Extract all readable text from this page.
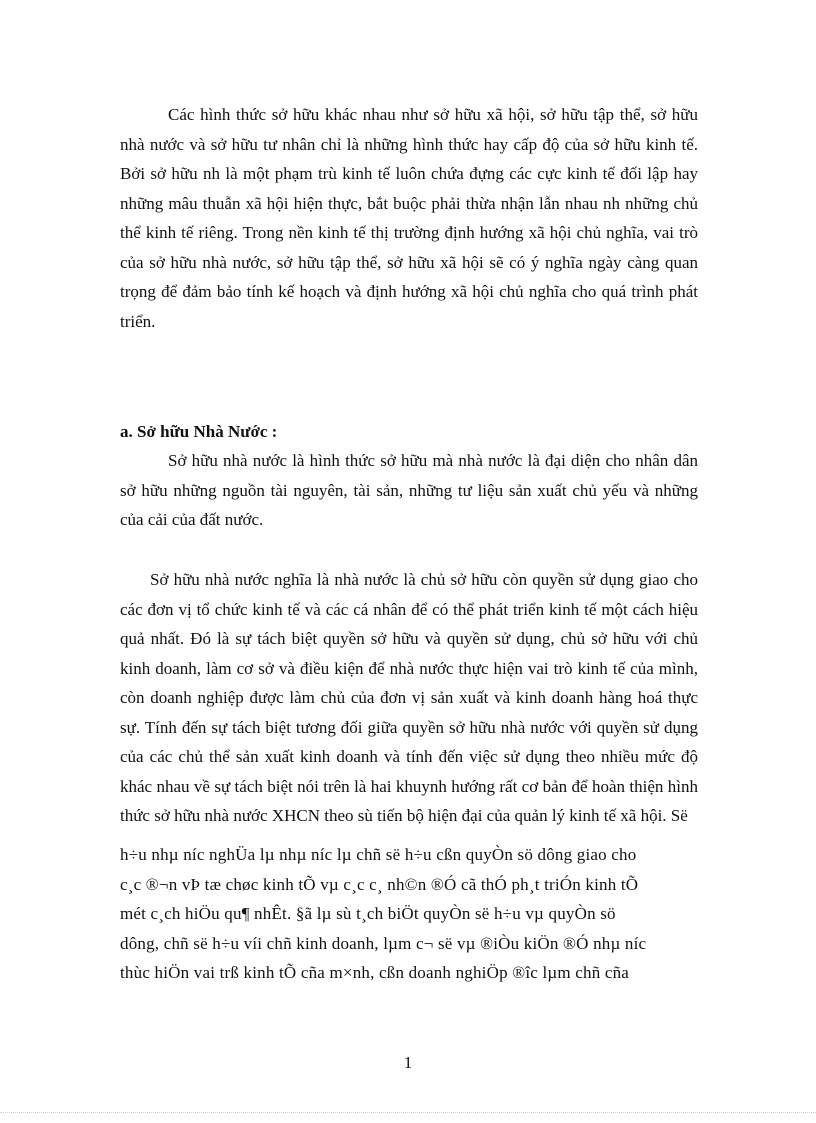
Các hình thức sở hữu khác nhau như sở hữu xã hội, sở hữu tập thể, sở hữu nhà nước và sở hữu tư nhân chỉ là những hình thức hay cấp độ của sở hữu kinh tế. Bởi sở hữu nh là một phạm trù kinh tế luôn chứa đựng các cực kinh tế đối lập hay những mâu thuẫn xã hội hiện thực, bắt buộc phải thừa nhận lẫn nhau nh những chủ thể kinh tế riêng. Trong nền kinh tế thị trường định hướng xã hội chủ nghĩa, vai trò của sở hữu nhà nước, sở hữu tập thể, sở hữu xã hội sẽ có ý nghĩa ngày càng quan trọng để đảm bảo tính kế hoạch và định hướng xã hội chủ nghĩa cho quá trình phát triển.
a. Sở hữu Nhà Nước :
Sở hữu nhà nước là hình thức sở hữu mà nhà nước là đại diện cho nhân dân sở hữu những nguồn tài nguyên, tài sản, những tư liệu sản xuất chủ yếu và những của cải của đất nước.
Sở hữu nhà nước nghĩa là nhà nước là chủ sở hữu còn quyền sử dụng giao cho các đơn vị tổ chức kinh tế và các cá nhân để có thể phát triển kinh tế một cách hiệu quả nhất. Đó là sự tách biệt quyền sở hữu và quyền sử dụng, chủ sở hữu với chủ kinh doanh, làm cơ sở và điều kiện để nhà nước thực hiện vai trò kinh tế của mình, còn doanh nghiệp được làm chủ của đơn vị sản xuất và kinh doanh hàng hoá thực sự. Tính đến sự tách biệt tương đối giữa quyền sở hữu nhà nước với quyền sử dụng của các chủ thể sản xuất kinh doanh và tính đến việc sử dụng theo nhiều mức độ khác nhau về sự tách biệt nói trên là hai khuynh hướng rất cơ bản để hoàn thiện hình thức sở hữu nhà nước XHCN theo sù tiến bộ hiện đại của quản lý kinh tế xã hội. Së
h÷u nhµ níc nghÜa lµ nhµ níc lµ chñ së h÷u cßn quyÒn sö dông giao cho
c¸c ®¬n vÞ tæ chøc kinh tÕ vµ c¸c c¸ nh©n ®Ó cã thÓ ph¸t triÓn kinh tÕ
mét c¸ch hiÖu qu¶ nhÊt. §ã lµ sù t¸ch biÖt quyÒn së h÷u vµ quyÒn sö
dông, chñ së h÷u víi chñ kinh doanh, lµm c¬ së vµ ®iÒu kiÖn ®Ó nhµ níc
thùc hiÖn vai trß kinh tÕ cña m×nh, cßn doanh nghiÖp ®îc lµm chñ cña
1
